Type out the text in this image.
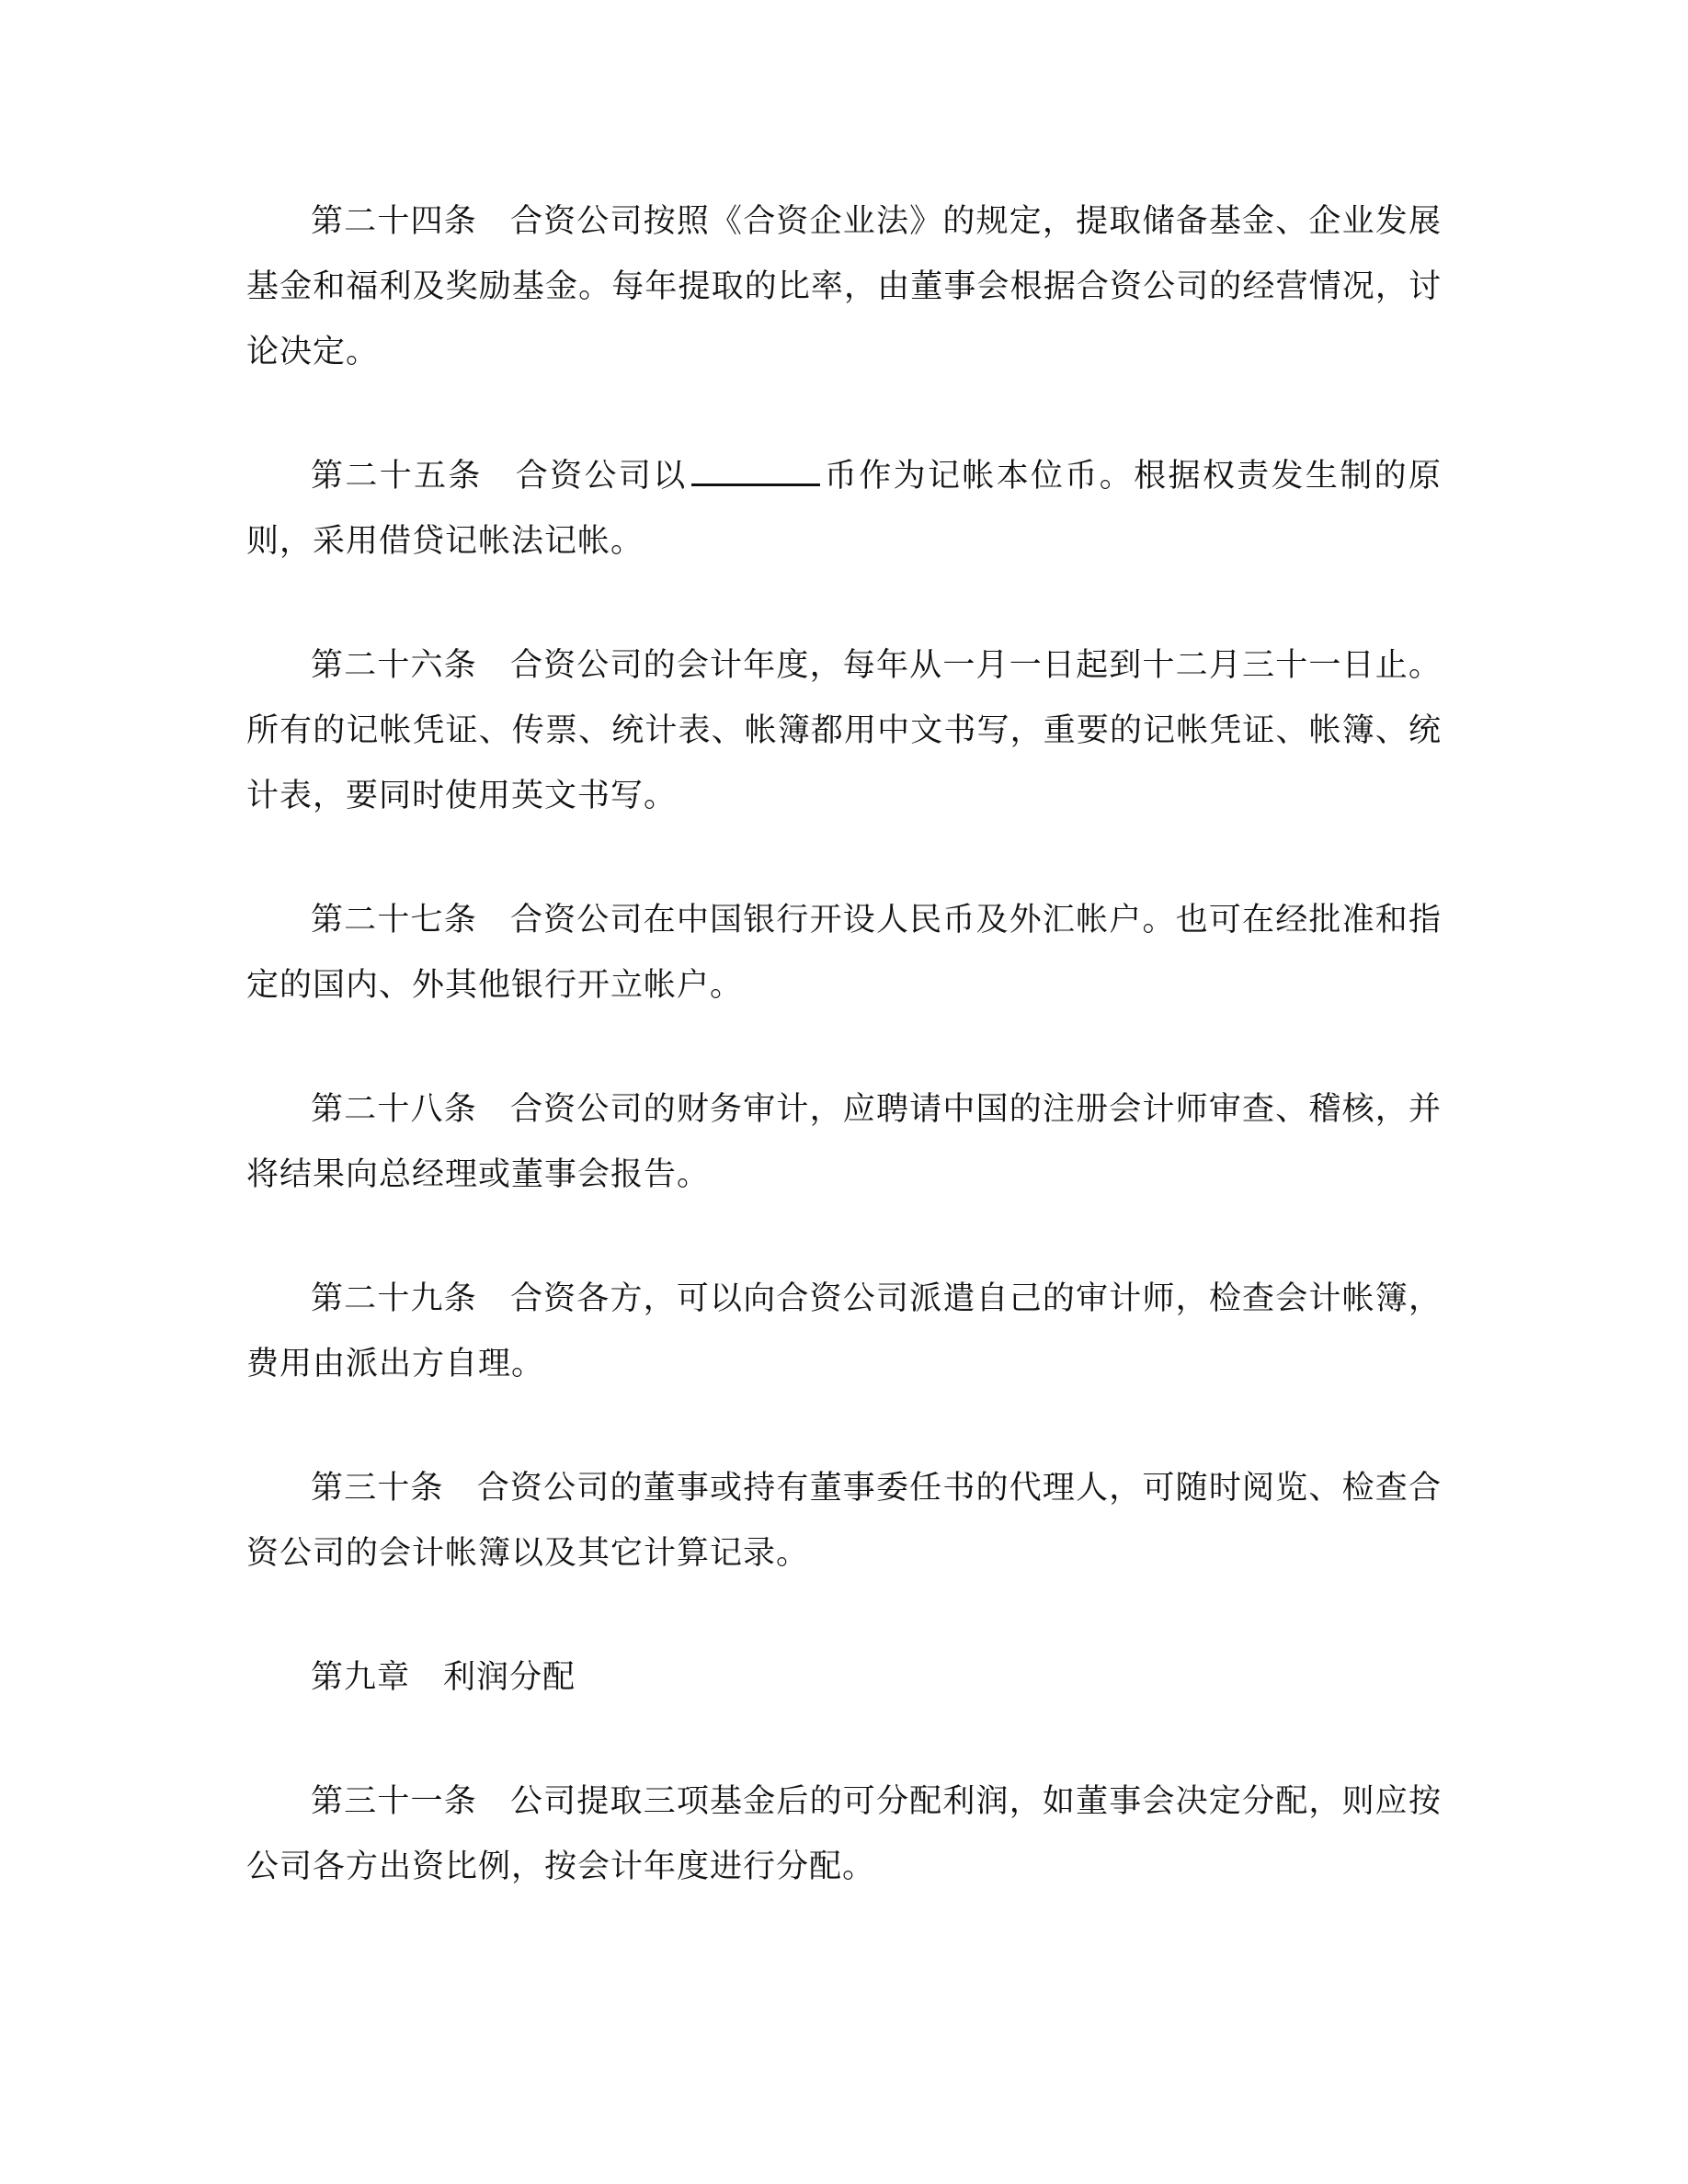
第二十四条 合资公司按照《合资企业法》的规定，提取储备基金、企业发展基金和福利及奖励基金。每年提取的比率，由董事会根据合资公司的经营情况，讨论决定。

第二十五条 合资公司以	币作为记帐本位币。根据权责发生制的原则，采用借贷记帐法记帐。

第二十六条 合资公司的会计年度，每年从一月一日起到十二月三十一日止。所有的记帐凭证、传票、统计表、帐簿都用中文书写，重要的记帐凭证、帐簿、统计表，要同时使用英文书写。

第二十七条 合资公司在中国银行开设人民币及外汇帐户。也可在经批准和指定的国内、外其他银行开立帐户。

第二十八条 合资公司的财务审计，应聘请中国的注册会计师审查、稽核，并将结果向总经理或董事会报告。

第二十九条 合资各方，可以向合资公司派遣自己的审计师，检查会计帐簿，费用由派出方自理。

第三十条 合资公司的董事或持有董事委任书的代理人，可随时阅览、检查合资公司的会计帐簿以及其它计算记录。

第九章 利润分配

第三十一条 公司提取三项基金后的可分配利润，如董事会决定分配，则应按公司各方出资比例，按会计年度进行分配。
